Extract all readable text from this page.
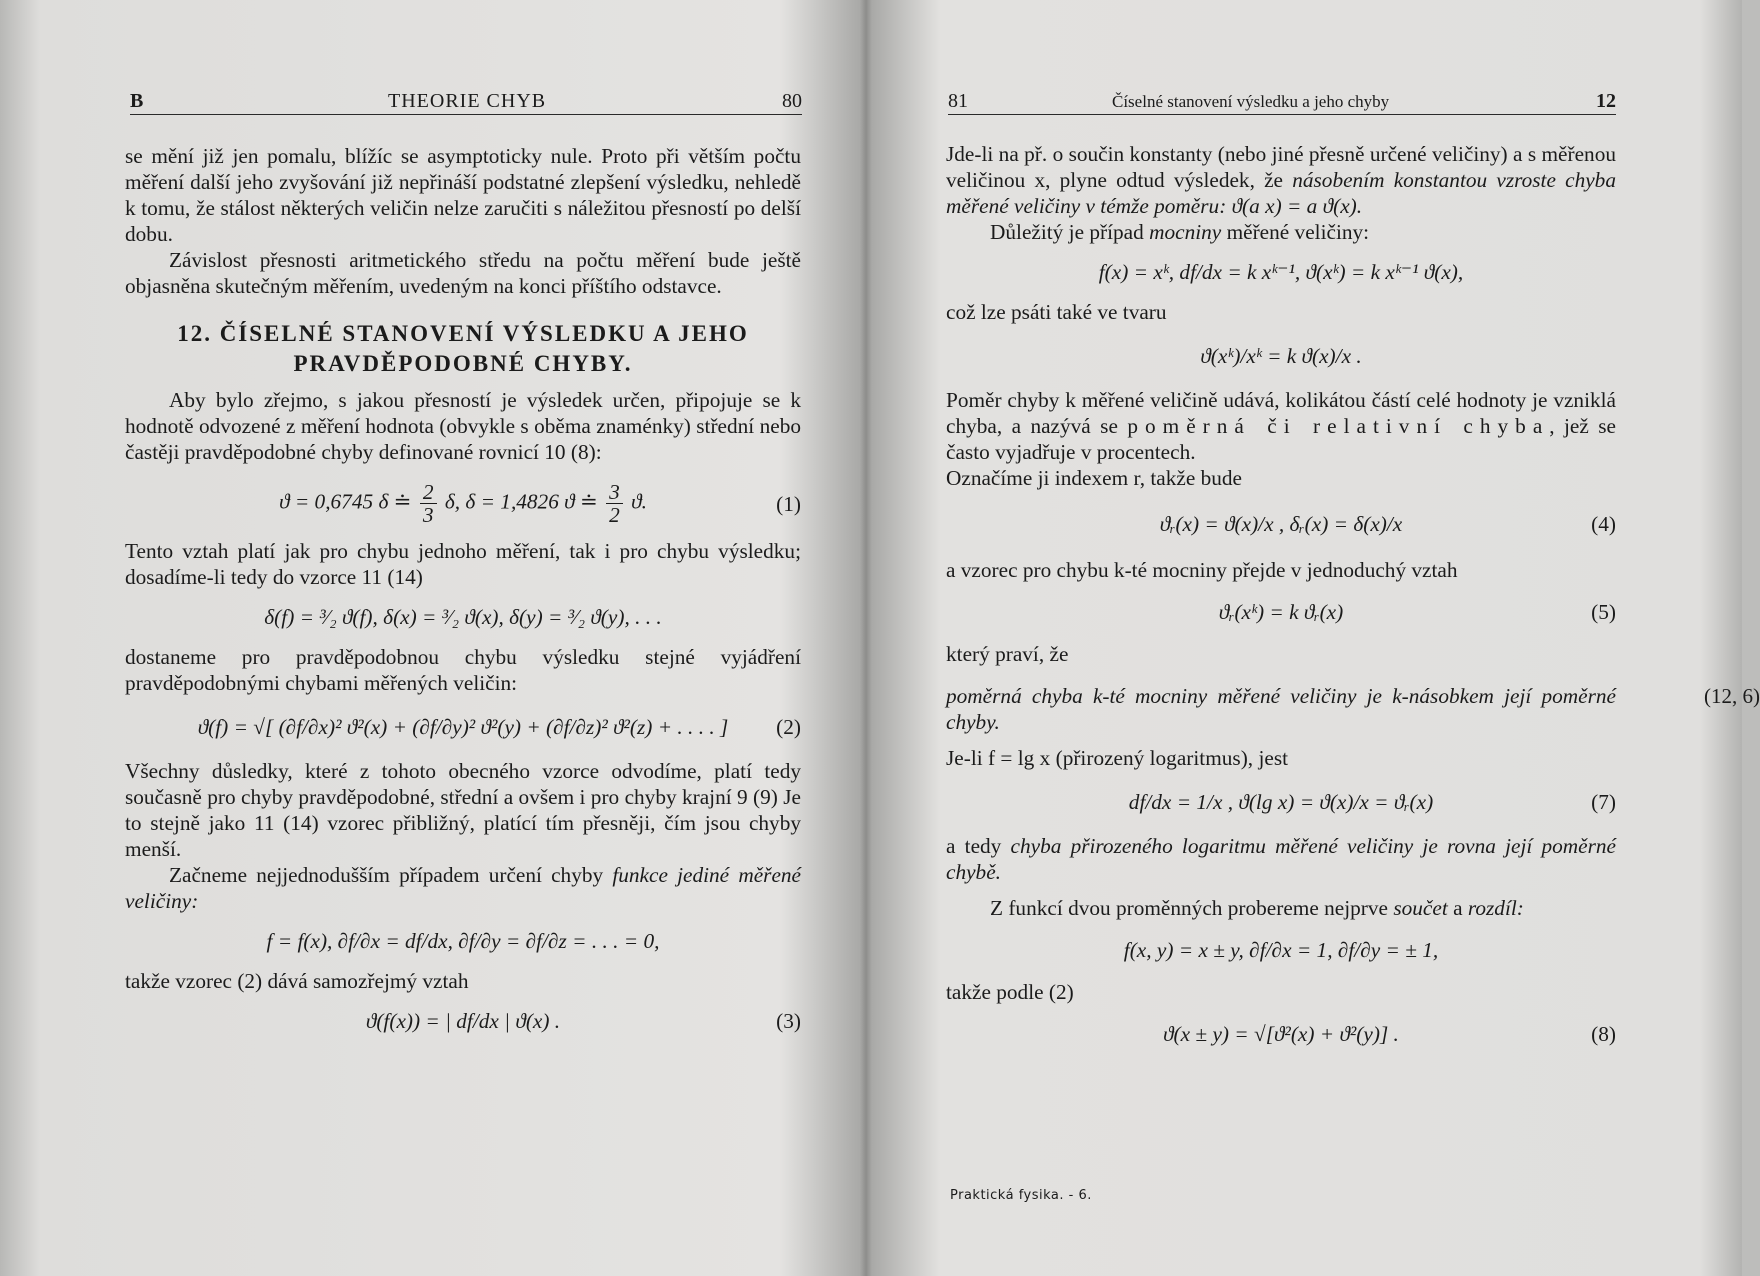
B	THEORIE CHYB	80

se mění již jen pomalu, blížíc se asymptoticky nule. Proto při větším počtu měření další jeho zvyšování již nepřináší podstatné zlepšení výsledku, nehledě k tomu, že stálost některých veličin nelze zaručiti s náležitou přesností po delší dobu.

Závislost přesnosti aritmetického středu na počtu měření bude ještě objasněna skutečným měřením, uvedeným na konci příštího odstavce.

12. ČÍSELNÉ STANOVENÍ VÝSLEDKU A JEHO PRAVDĚPODOBNÉ CHYBY.

Aby bylo zřejmo, s jakou přesností je výsledek určen, připojuje se k hodnotě odvozené z měření hodnota (obvykle s oběma znaménky) střední nebo častěji pravděpodobné chyby definované rovnicí 10 (8):

ϑ = 0,6745 δ ≐ $\frac{2}{3} \delta$, δ = 1,4826 ϑ ≐ $\frac{3}{2} ϑ$.	(1)

Tento vztah platí jak pro chybu jednoho měření, tak i pro chybu výsledku; dosadíme-li tedy do vzorce 11 (14)

δ(f) = ³⁄₂ ϑ(f), δ(x) = ³⁄₂ ϑ(x), δ(y) = ³⁄₂ ϑ(y), . . .

dostaneme pro pravděpodobnou chybu výsledku stejné vyjádření pravděpodobnými chybami měřených veličin:

ϑ(f) = √[ (∂f/∂x)² ϑ²(x) + (∂f/∂y)² ϑ²(y) + (∂f/∂z)² ϑ²(z) + . . . . ] (2)

Všechny důsledky, které z tohoto obecného vzorce odvodíme, platí tedy současně pro chyby pravděpodobné, střední a ovšem i pro chyby krajní 9 (9) Je to stejně jako 11 (14) vzorec přibližný, platící tím přesněji, čím jsou chyby menší.

Začneme nejjednodušším případem určení chyby funkce jediné měřené veličiny:

f = f(x), ∂f/∂x = df/dx, ∂f/∂y = ∂f/∂z = . . . = 0,

takže vzorec (2) dává samozřejmý vztah

ϑ(f(x)) = | df/dx | ϑ(x) .	(3)
81	Číselné stanovení výsledku a jeho chyby	12

Jde-li na př. o součin konstanty (nebo jiné přesně určené veličiny) a s měřenou veličinou x, plyne odtud výsledek, že násobením konstantou vzroste chyba měřené veličiny v témže poměru: ϑ(a x) = a ϑ(x).

Důležitý je případ mocniny měřené veličiny:

f(x) = xᵏ, df/dx = k xᵏ⁻¹, ϑ(xᵏ) = k xᵏ⁻¹ ϑ(x),

což lze psáti také ve tvaru

ϑ(xᵏ)/xᵏ = k ϑ(x)/x .

Poměr chyby k měřené veličině udává, kolikátou částí celé hodnoty je vzniklá chyba, a nazývá se poměrná či relativní chyba, jež se často vyjadřuje v procentech.

Označíme ji indexem r, takže bude

ϑᵣ(x) = ϑ(x)/x , δᵣ(x) = δ(x)/x	(4)

a vzorec pro chybu k-té mocniny přejde v jednoduchý vztah

ϑᵣ(xᵏ) = k ϑᵣ(x)	(5)

který praví, že

poměrná chyba k-té mocniny měřené veličiny je k-násobkem její poměrné chyby.
(12, 6)

Je-li f = lg x (přirozený logaritmus), jest

df/dx = 1/x , ϑ(lg x) = ϑ(x)/x = ϑᵣ(x)	(7)

a tedy chyba přirozeného logaritmu měřené veličiny je rovna její poměrné chybě.

Z funkcí dvou proměnných probereme nejprve součet a rozdíl:

f(x, y) = x ± y, ∂f/∂x = 1, ∂f/∂y = ± 1,

takže podle (2)

ϑ(x ± y) = √[ϑ²(x) + ϑ²(y)] .	(8)
Praktická fysika. - 6.
